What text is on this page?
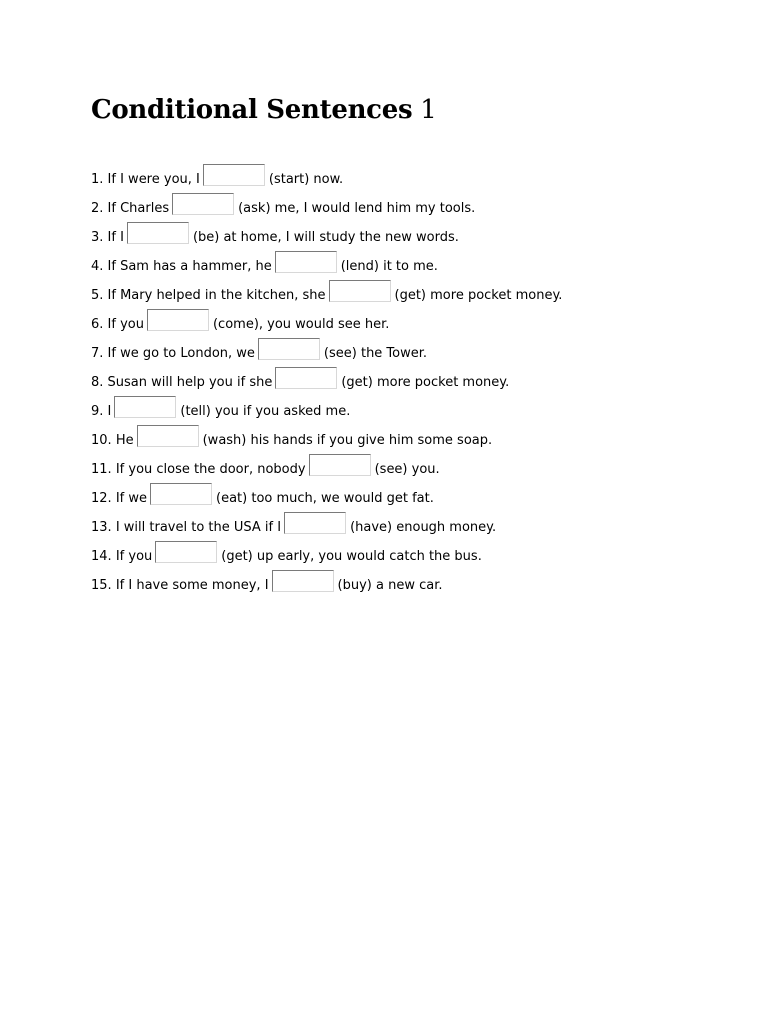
Conditional Sentences 1
1.
If I were you, I	(start) now.
2.
If Charles	(ask) me, I would lend him my tools.
3.
If I	(be) at home, I will study the new words.
4.
If Sam has a hammer, he	(lend) it to me.
5.
If Mary helped in the kitchen, she	(get) more pocket money.
6.
If you	(come), you would see her.
7.
If we go to London, we	(see) the Tower.
8.
Susan will help you if she	(get) more pocket money.
9.
I	(tell) you if you asked me.
10.
He	(wash) his hands if you give him some soap.
11.
If you close the door, nobody	(see) you.
12.
If we	(eat) too much, we would get fat.
13.
I will travel to the USA if I	(have) enough money.
14.
If you	(get) up early, you would catch the bus.
15.
If I have some money, I	(buy) a new car.
